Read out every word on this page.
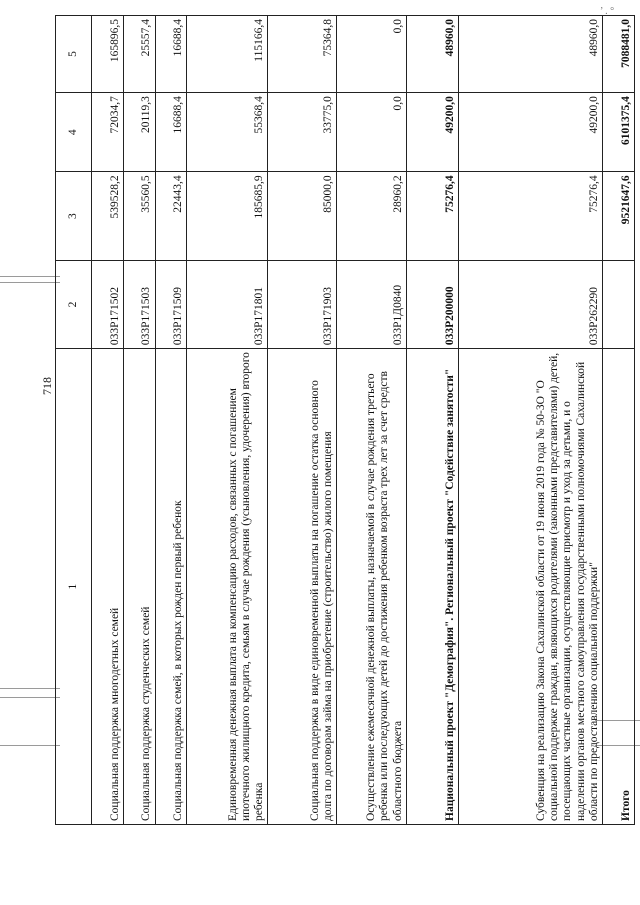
718
’ . °
1	2	3	4	5
Социальная поддержка многодетных семей	033P171502	539528,2	72034,7	165896,5
Социальная поддержка студенческих семей	033P171503	35560,5	20119,3	25557,4
Социальная поддержка семей, в которых рожден первый ребенок	033P171509	22443,4	16688,4	16688,4
Единовременная денежная выплата на компенсацию расходов, связанных с погашением ипотечного жилищного кредита, семьям в случае рождения (усыновления, удочерения) второго ребенка	033P171801	185685,9	55368,4	115166,4
Социальная поддержка в виде единовременной выплаты на погашение остатка основного долга по договорам займа на приобретение (строительство) жилого помещения	033P171903	85000,0	33775,0	75364,8
Осуществление ежемесячной денежной выплаты, назначаемой в случае рождения третьего ребенка или последующих детей до достижения ребенком возраста трех лет за счет средств областного бюджета	033P1Д0840	28960,2	0,0	0,0
Национальный проект "Демография". Региональный проект "Содействие занятости"	033P200000	75276,4	49200,0	48960,0
Субвенция на реализацию Закона Сахалинской области от 19 июня 2019 года № 50-ЗО "О социальной поддержке граждан, являющихся родителями (законными представителями) детей, посещающих частные организации, осуществляющие присмотр и уход за детьми, и о наделении органов местного самоуправления государственными полномочиями Сахалинской области по предоставлению социальной поддержки"	033P262290	75276,4	49200,0	48960,0
Итого		9521647,6	6101375,4	7088481,0
